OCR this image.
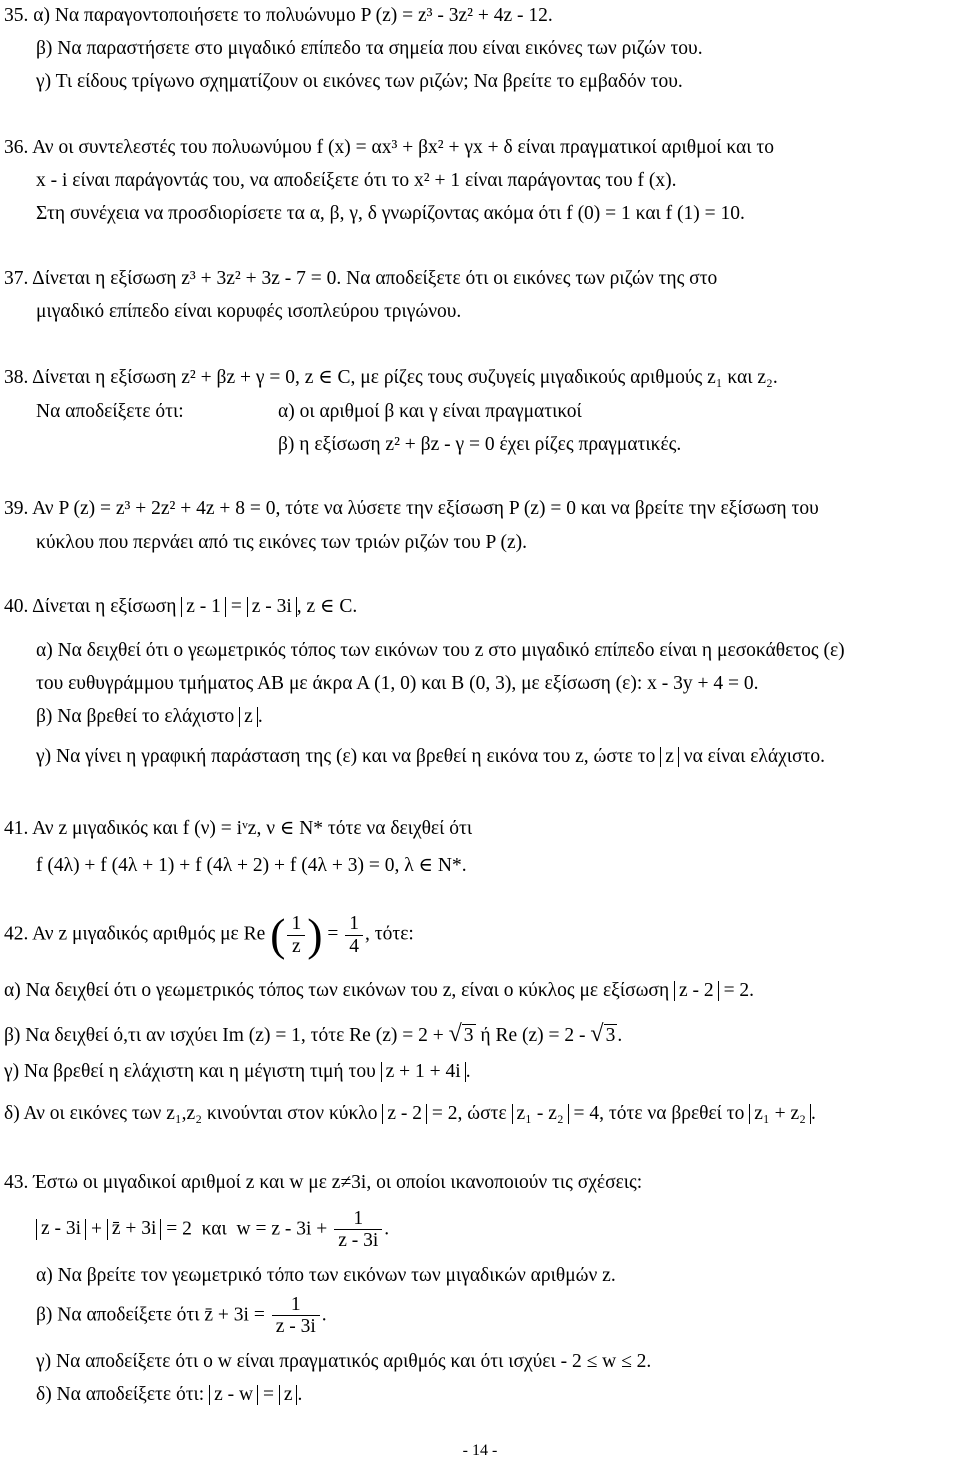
35. α) Να παραγοντοποιήσετε το πολυώνυμο P (z) = z³ - 3z² + 4z - 12.
β) Να παραστήσετε στο μιγαδικό επίπεδο τα σημεία που είναι εικόνες των ριζών του.
γ) Τι είδους τρίγωνο σχηματίζουν οι εικόνες των ριζών; Να βρείτε το εμβαδόν του.
36. Αν οι συντελεστές του πολυωνύμου f (x) = αx³ + βx² + γx + δ είναι πραγματικοί αριθμοί και το
x - i είναι παράγοντάς του, να αποδείξετε ότι το x² + 1 είναι παράγοντας του f (x).
Στη συνέχεια να προσδιορίσετε τα α, β, γ, δ γνωρίζοντας ακόμα ότι f (0) = 1 και f (1) = 10.
37. Δίνεται η εξίσωση z³ + 3z² + 3z - 7 = 0. Να αποδείξετε ότι οι εικόνες των ριζών της στο
μιγαδικό επίπεδο είναι κορυφές ισοπλεύρου τριγώνου.
38. Δίνεται η εξίσωση z² + βz + γ = 0, z ∈ C, με ρίζες τους συζυγείς μιγαδικούς αριθμούς z₁ και z₂.
Να αποδείξετε ότι:	α) οι αριθμοί β και γ είναι πραγματικοί
β) η εξίσωση z² + βz - γ = 0 έχει ρίζες πραγματικές.
39. Αν P (z) = z³ + 2z² + 4z + 8 = 0, τότε να λύσετε την εξίσωση P (z) = 0 και να βρείτε την εξίσωση του
κύκλου που περνάει από τις εικόνες των τριών ριζών του P (z).
40. Δίνεται η εξίσωση z - 1 = z - 3i , z ∈ C.
α) Να δειχθεί ότι ο γεωμετρικός τόπος των εικόνων του z στο μιγαδικό επίπεδο είναι η μεσοκάθετος (ε)
του ευθυγράμμου τμήματος ΑΒ με άκρα Α (1, 0) και Β (0, 3), με εξίσωση (ε): x - 3y + 4 = 0.
β) Να βρεθεί το ελάχιστο z .
γ) Να γίνει η γραφική παράσταση της (ε) και να βρεθεί η εικόνα του z, ώστε το z να είναι ελάχιστο.
41. Αν z μιγαδικός και f (ν) = iᵛz, ν ∈ N* τότε να δειχθεί ότι
f (4λ) + f (4λ + 1) + f (4λ + 2) + f (4λ + 3) = 0, λ ∈ N*.
42. Αν z μιγαδικός αριθμός με Re ( $\frac{1}{z}$ ) = $\frac{1}{4}$ , τότε:
α) Να δειχθεί ότι ο γεωμετρικός τόπος των εικόνων του z, είναι ο κύκλος με εξίσωση z - 2 = 2.
β) Να δειχθεί ό,τι αν ισχύει Im (z) = 1, τότε Re (z) = 2 + √ 3 ή Re (z) = 2 - √ 3 .
γ) Να βρεθεί η ελάχιστη και η μέγιστη τιμή του z + 1 + 4i .
δ) Αν οι εικόνες των z₁,z₂ κινούνται στον κύκλο z - 2 = 2, ώστε z₁ - z₂ = 4, τότε να βρεθεί το z₁ + z₂ .
43. Έστω οι μιγαδικοί αριθμοί z και w με z≠3i, οι οποίοι ικανοποιούν τις σχέσεις:
z - 3i + z̄ + 3i = 2 και $w = z - 3i + \frac{1}{z - 3i}$ .
α) Να βρείτε τον γεωμετρικό τόπο των εικόνων των μιγαδικών αριθμών z.
β) Να αποδείξετε ότι z̄ + $3i = \frac{1}{z - 3i}$ .
γ) Να αποδείξετε ότι ο w είναι πραγματικός αριθμός και ότι ισχύει - 2 ≤ w ≤ 2.
δ) Να αποδείξετε ότι: z - w = z .
- 14 -
